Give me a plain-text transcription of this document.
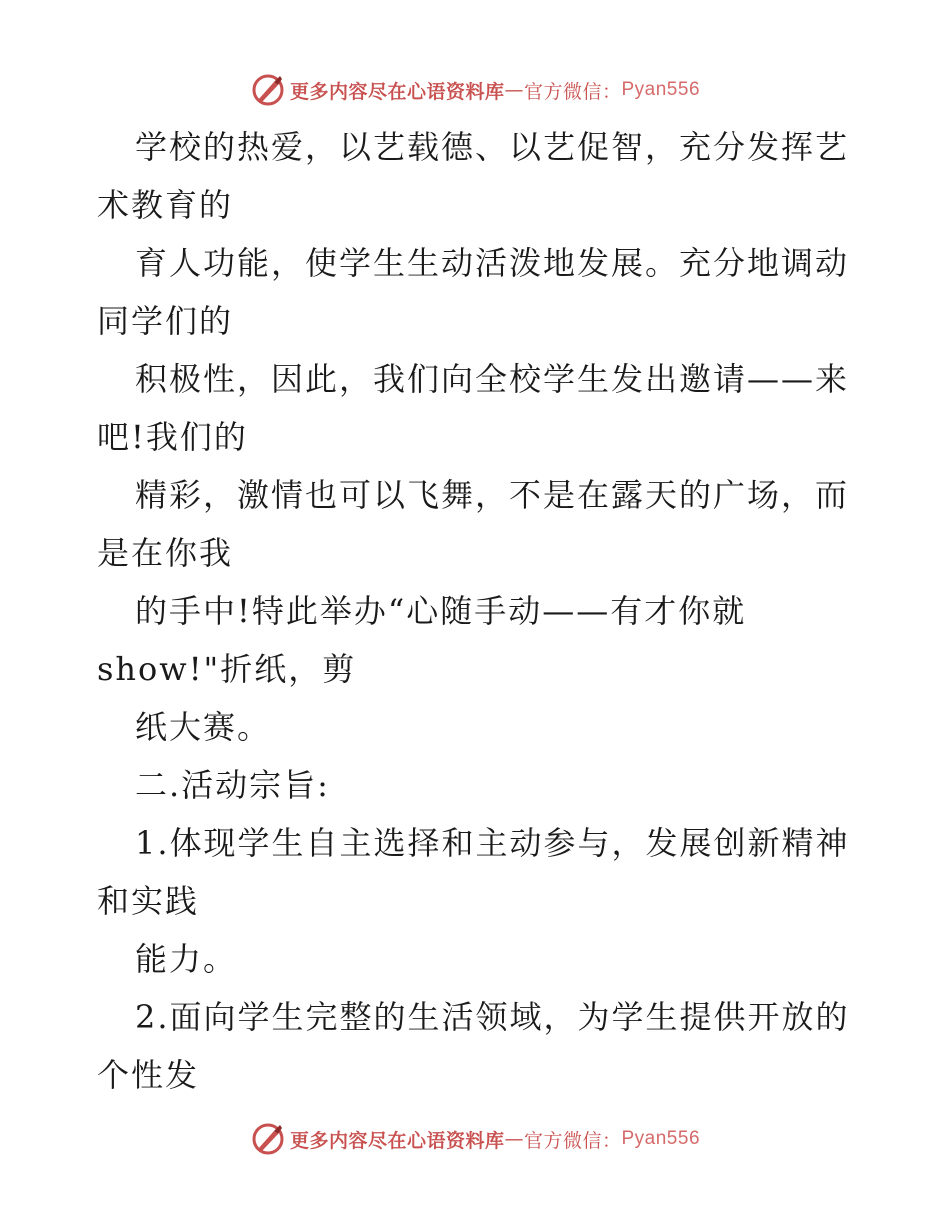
更多内容尽在心语资料库 — 官方微信： Pyan556
学校的热爱，以艺载德、以艺促智，充分发挥艺
术教育的
育人功能，使学生生动活泼地发展。充分地调动
同学们的
积极性，因此，我们向全校学生发出邀请——来
吧!我们的
精彩，激情也可以飞舞，不是在露天的广场，而
是在你我
的手中!特此举办“心随手动——有才你就
show!"折纸，剪
纸大赛。
二.活动宗旨:
1.体现学生自主选择和主动参与，发展创新精神
和实践
能力。
2.面向学生完整的生活领域，为学生提供开放的
个性发
更多内容尽在心语资料库 — 官方微信： Pyan556
